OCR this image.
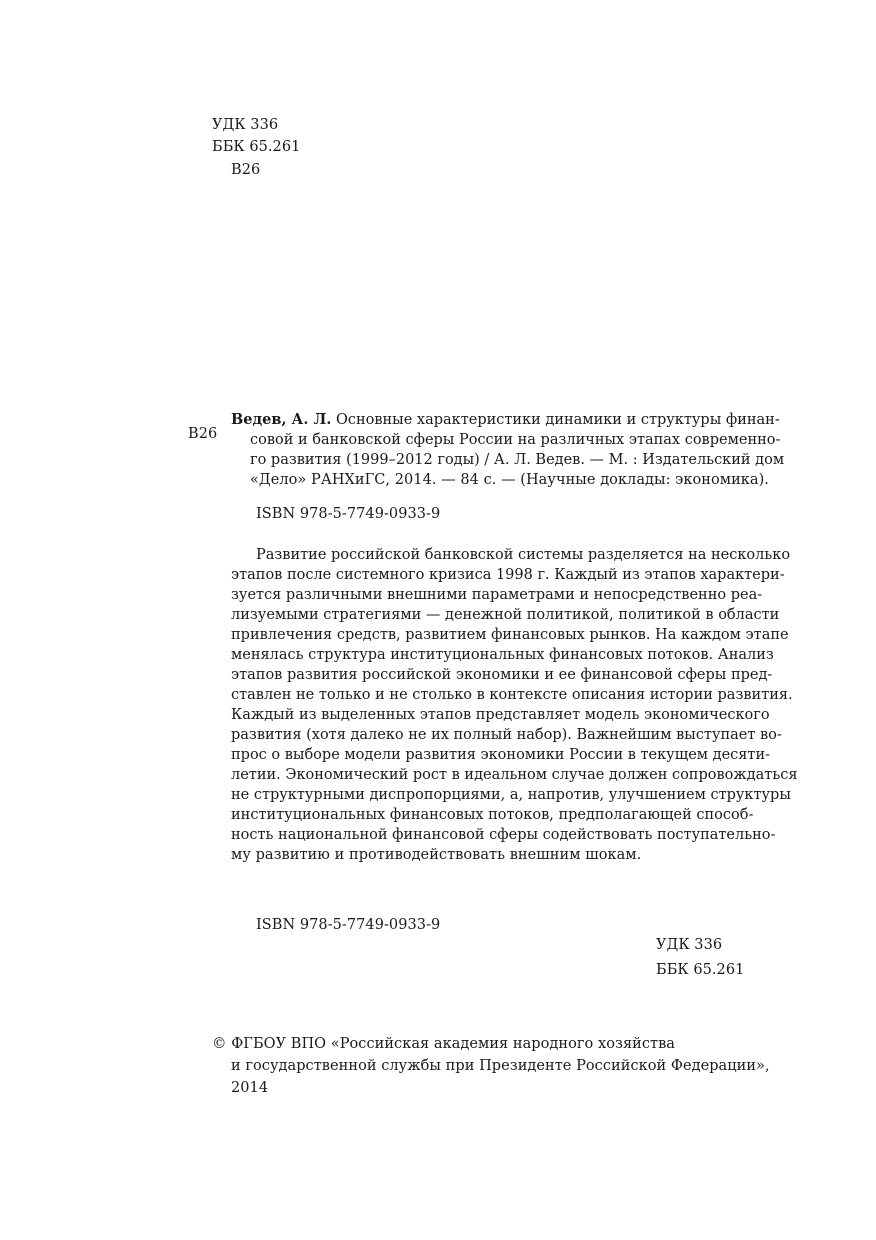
УДК 336
ББК 65.261
В26
В26
Ведев, А. Л. Основные характеристики динамики и структуры финан-
совой и банковской сферы России на различных этапах современно-
го развития (1999–2012 годы) / А. Л. Ведев. — М. : Издательский дом
«Дело» РАНХиГС, 2014. — 84 с. — (Научные доклады: экономика).
ISBN 978-5-7749-0933-9
Развитие российской банковской системы разделяется на несколько
этапов после системного кризиса 1998 г. Каждый из этапов характери-
зуется различными внешними параметрами и непосредственно реа-
лизуемыми стратегиями — денежной политикой, политикой в области
привлечения средств, развитием финансовых рынков. На каждом этапе
менялась структура институциональных финансовых потоков. Анализ
этапов развития российской экономики и ее финансовой сферы пред-
ставлен не только и не столько в контексте описания истории развития.
Каждый из выделенных этапов представляет модель экономического
развития (хотя далеко не их полный набор). Важнейшим выступает во-
прос о выборе модели развития экономики России в текущем десяти-
летии. Экономический рост в идеальном случае должен сопровождаться
не структурными диспропорциями, а, напротив, улучшением структуры
институциональных финансовых потоков, предполагающей способ-
ность национальной финансовой сферы содействовать поступательно-
му развитию и противодействовать внешним шокам.
ISBN 978-5-7749-0933-9
УДК 336
ББК 65.261
© ФГБОУ ВПО «Российская академия народного хозяйства
и государственной службы при Президенте Российской Федерации»,
2014
